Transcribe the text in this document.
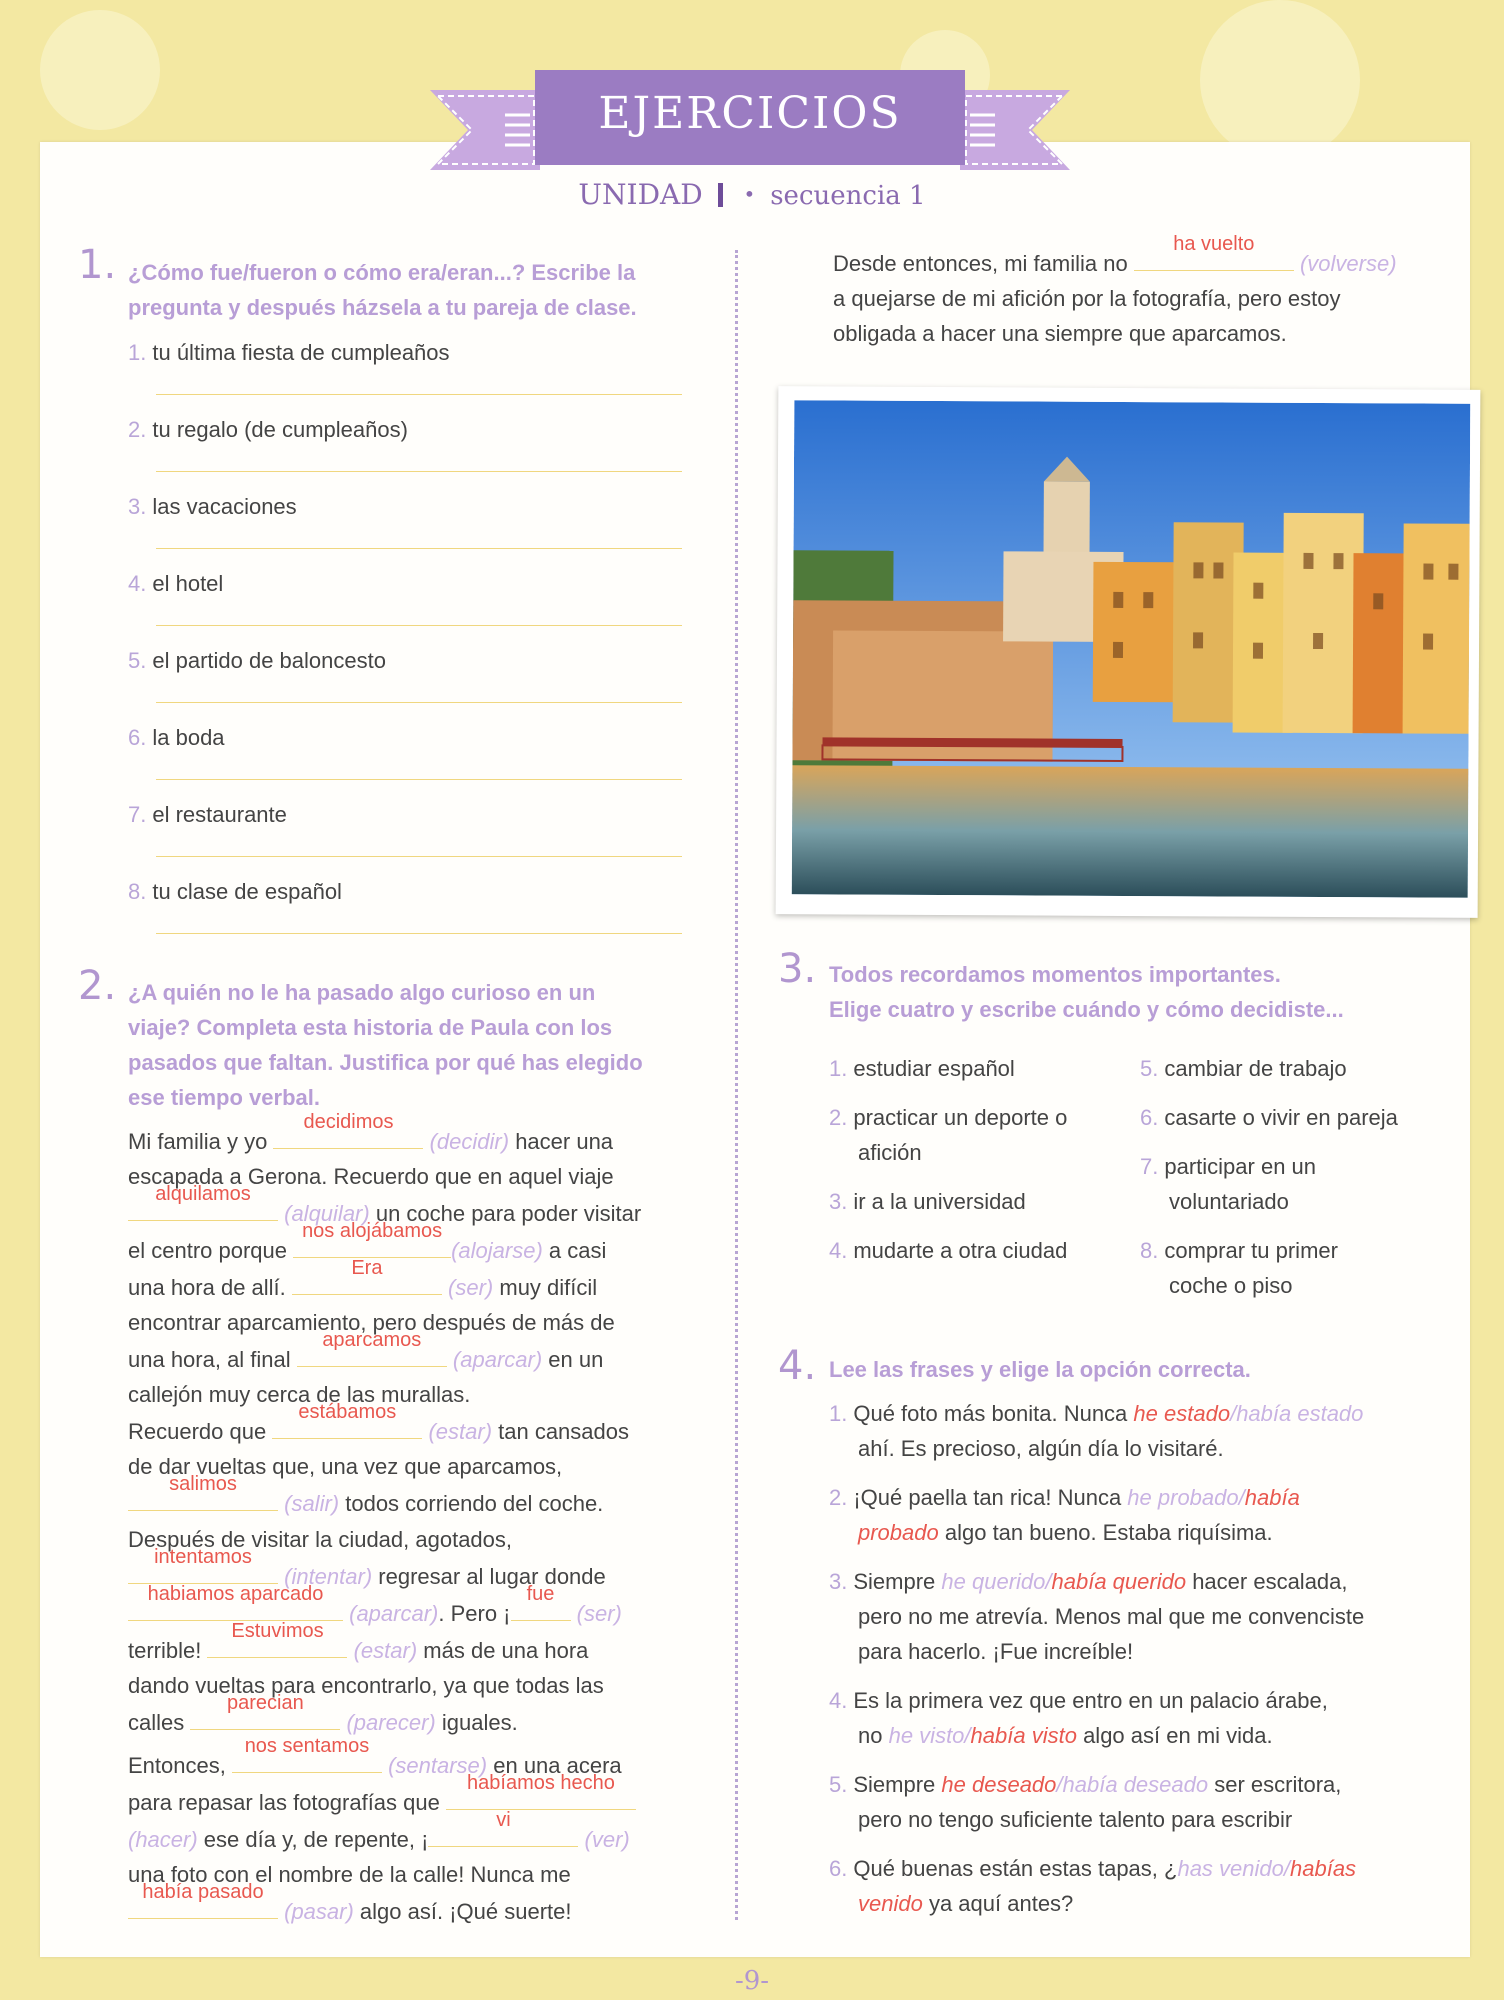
EJERCICIOS
UNIDAD • secuencia 1
1. ¿Cómo fue/fueron o cómo era/eran...? Escribe la
pregunta y después házsela a tu pareja de clase.
1. tu última fiesta de cumpleaños
2. tu regalo (de cumpleaños)
3. las vacaciones
4. el hotel
5. el partido de baloncesto
6. la boda
7. el restaurante
8. tu clase de español
2. ¿A quién no le ha pasado algo curioso en un
viaje? Completa esta historia de Paula con los
pasados que faltan. Justifica por qué has elegido
ese tiempo verbal.
Mi familia y yo
decidimos
(decidir) hacer una
escapada a Gerona. Recuerdo que en aquel viaje
alquilamos
(alquilar) un coche para poder visitar
el centro porque
nos alojábamos
(alojarse) a casi
una hora de allí.
Era
(ser) muy difícil
encontrar aparcamiento, pero después de más de
una hora, al final
aparcamos
(aparcar) en un
callejón muy cerca de las murallas.
Recuerdo que
estábamos
(estar) tan cansados
de dar vueltas que, una vez que aparcamos,
salimos
(salir) todos corriendo del coche.
Después de visitar la ciudad, agotados,
intentamos
(intentar) regresar al lugar donde
habiamos aparcado
(aparcar). Pero ¡
fue
(ser)
terrible!
Estuvimos
(estar) más de una hora
dando vueltas para encontrarlo, ya que todas las
calles
parecian
(parecer) iguales.
Entonces,
nos sentamos
(sentarse) en una acera
para repasar las fotografías que
habíamos hecho
(hacer) ese día y, de repente, ¡
vi
(ver)
una foto con el nombre de la calle! Nunca me
había pasado
(pasar) algo así. ¡Qué suerte!
Desde entonces, mi familia no
ha vuelto
(volverse)
a quejarse de mi afición por la fotografía, pero estoy
obligada a hacer una siempre que aparcamos.
3. Todos recordamos momentos importantes.
Elige cuatro y escribe cuándo y cómo decidiste...
1. estudiar español
2. practicar un deporte o
afición
3. ir a la universidad
4. mudarte a otra ciudad
5. cambiar de trabajo
6. casarte o vivir en pareja
7. participar en un
voluntariado
8. comprar tu primer
coche o piso
4. Lee las frases y elige la opción correcta.
1. Qué foto más bonita. Nunca he estado/había estado
ahí. Es precioso, algún día lo visitaré.
2. ¡Qué paella tan rica! Nunca he probado/había
probado algo tan bueno. Estaba riquísima.
3. Siempre he querido/había querido hacer escalada,
pero no me atrevía. Menos mal que me convenciste
para hacerlo. ¡Fue increíble!
4. Es la primera vez que entro en un palacio árabe,
no he visto/había visto algo así en mi vida.
5. Siempre he deseado/había deseado ser escritora,
pero no tengo suficiente talento para escribir
6. Qué buenas están estas tapas, ¿has venido/habías
venido ya aquí antes?
-9-
